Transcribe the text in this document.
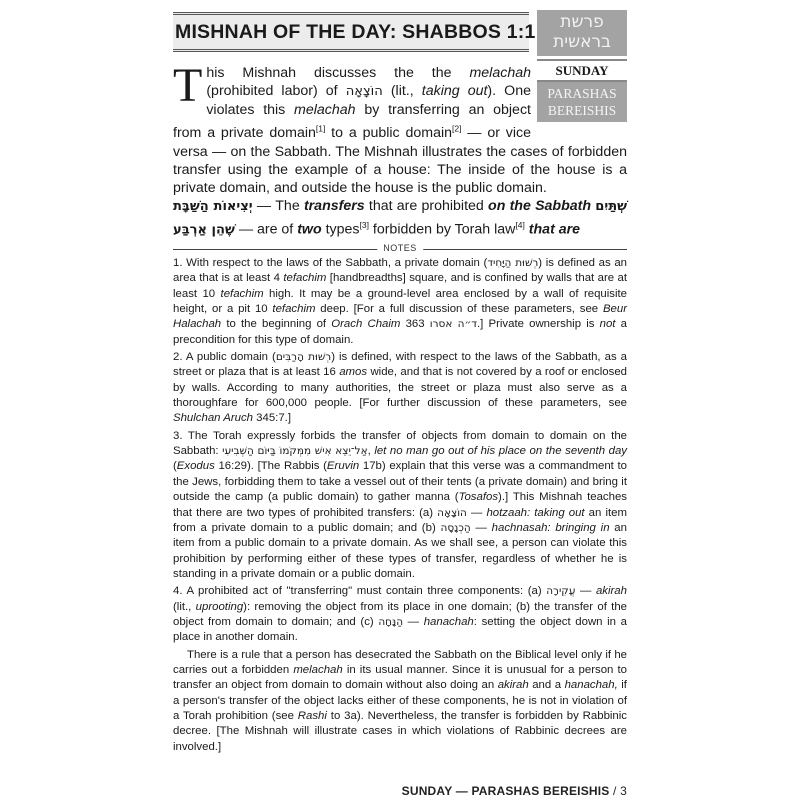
MISHNAH OF THE DAY: SHABBOS 1:1	פרשת
בראשית
SUNDAY
PARASHAS
BEREISHIS
T his Mishnah discusses the the melachah (prohibited labor) of הוֹצָאָה (lit., taking out). One violates this melachah by transferring an object from a private domain[1] to a public domain[2] — or vice versa — on the Sabbath. The Mishnah illustrates the cases of forbidden transfer using the example of a house: The inside of the house is a private domain, and outside the house is the public domain.
יְצִיאוֹת הַשַּׁבָּת — The transfers that are prohibited on the Sabbath שְׁתַּיִם שֶׁהֵן אַרְבַּע — are of two types[3] forbidden by Torah law[4] that are
NOTES

1. With respect to the laws of the Sabbath, a private domain (רְשׁוּת הַיָּחִיד) is defined as an area that is at least 4 tefachim [handbreadths] square, and is confined by walls that are at least 10 tefachim high. It may be a ground-level area enclosed by a wall of requisite height, or a pit 10 tefachim deep. [For a full discussion of these parameters, see Beur Halachah to the beginning of Orach Chaim 363 ד״ה אסרו.] Private ownership is not a precondition for this type of domain.

2. A public domain (רְשׁוּת הָרַבִּים) is defined, with respect to the laws of the Sabbath, as a street or plaza that is at least 16 amos wide, and that is not covered by a roof or enclosed by walls. According to many authorities, the street or plaza must also serve as a thoroughfare for 600,000 people. [For further discussion of these parameters, see Shulchan Aruch 345:7.]

3. The Torah expressly forbids the transfer of objects from domain to domain on the Sabbath: אַל־יֵצֵא אִישׁ מִמְּקֹמוֹ בַּיּוֹם הַשְּׁבִיעִי, let no man go out of his place on the seventh day (Exodus 16:29). [The Rabbis (Eruvin 17b) explain that this verse was a commandment to the Jews, forbidding them to take a vessel out of their tents (a private domain) and bring it outside the camp (a public domain) to gather manna (Tosafos).] This Mishnah teaches that there are two types of prohibited transfers: (a) הוֹצָאָה — hotzaah: taking out an item from a private domain to a public domain; and (b) הַכְנָסָה — hachnasah: bringing in an item from a public domain to a private domain. As we shall see, a person can violate this prohibition by performing either of these types of transfer, regardless of whether he is standing in a private domain or a public domain.

4. A prohibited act of "transferring" must contain three components: (a) עֲקִירָה — akirah (lit., uprooting): removing the object from its place in one domain; (b) the transfer of the object from domain to domain; and (c) הַנָּחָה — hanachah: setting the object down in a place in another domain.

There is a rule that a person has desecrated the Sabbath on the Biblical level only if he carries out a forbidden melachah in its usual manner. Since it is unusual for a person to transfer an object from domain to domain without also doing an akirah and a hanachah, if a person's transfer of the object lacks either of these components, he is not in violation of a Torah prohibition (see Rashi to 3a). Nevertheless, the transfer is forbidden by Rabbinic decree. [The Mishnah will illustrate cases in which violations of Rabbinic decrees are involved.]

SUNDAY — PARASHAS BEREISHIS / 3
